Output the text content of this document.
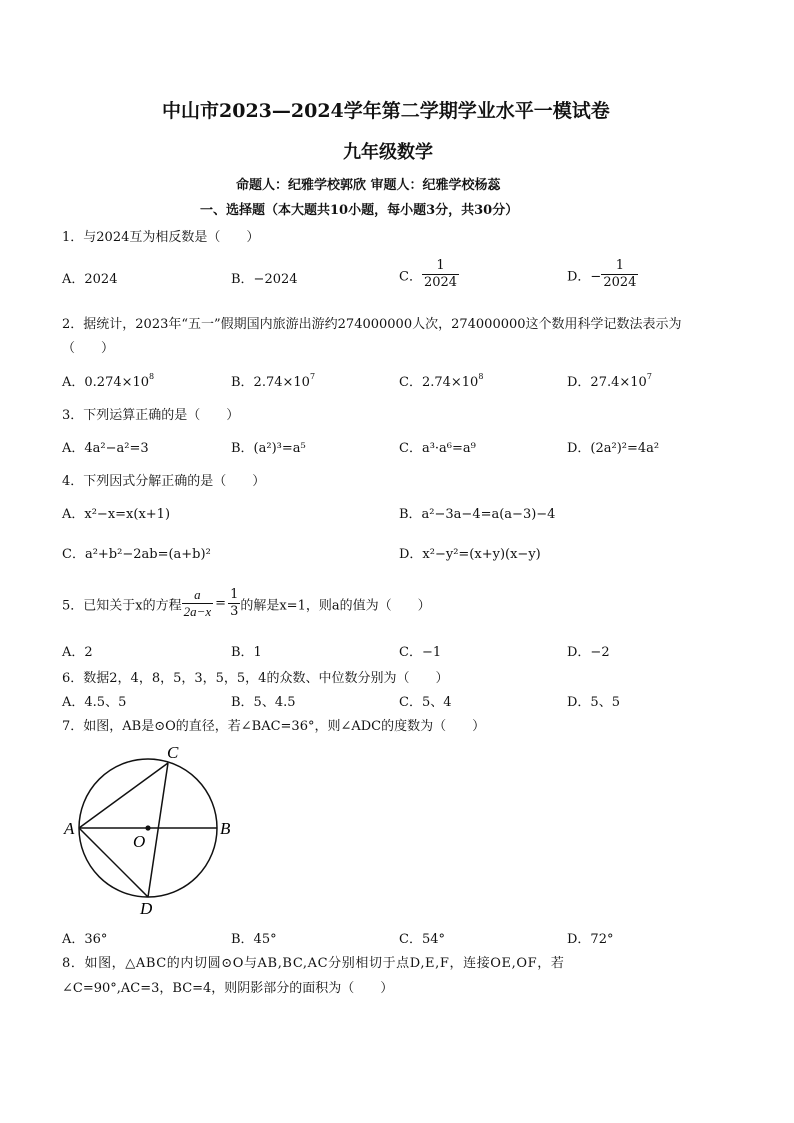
中山市2023—2024学年第二学期学业水平一模试卷
九年级数学
命题人：纪雅学校郭欣 审题人：纪雅学校杨蕊
一、选择题（本大题共10小题，每小题3分，共30分）
1．与2024互为相反数是（　　）
A．2024	B．−2024	C． $\frac{1}{2024}$	D．− $\frac{1}{2024}$
2．据统计，2023年“五一”假期国内旅游出游约274000000人次，274000000这个数用科学记数法表示为
（　　）
A．$0.274\times 10^8$	B．$2.74\times 10^7$	C．$2.74\times 10^8$	D．$27.4\times 10^7$
3．下列运算正确的是（　　）
A．4a²−a²=3	B．(a²)³=a⁵	C．a³·a⁶=a⁹	D．(2a²)²=4a²
4．下列因式分解正确的是（　　）
A．x²−x=x(x+1)	B．a²−3a−4=a(a−3)−4
C．a²+b²−2ab=(a+b)²	D．x²−y²=(x+y)(x−y)
5．已知关于x的方程 $\frac{a}{2a-x} = \frac{1}{3}$ 的解是x=1，则a的值为（　　）
A．2	B．1	C．−1	D．−2
6．数据2，4，8，5，3，5，5，4的众数、中位数分别为（　　）
A．4.5、5	B．5、4.5	C．5、4	D．5、5
7．如图，AB是⊙O的直径，若∠BAC=36°，则∠ADC的度数为（　　）
A	B
C
D
O
A．36°	B．45°	C．54°	D．72°
8．如图，△ABC的内切圆⊙O与AB,BC,AC分别相切于点D,E,F，连接OE,OF，若
∠C=90°,AC=3，BC=4，则阴影部分的面积为（　　）
